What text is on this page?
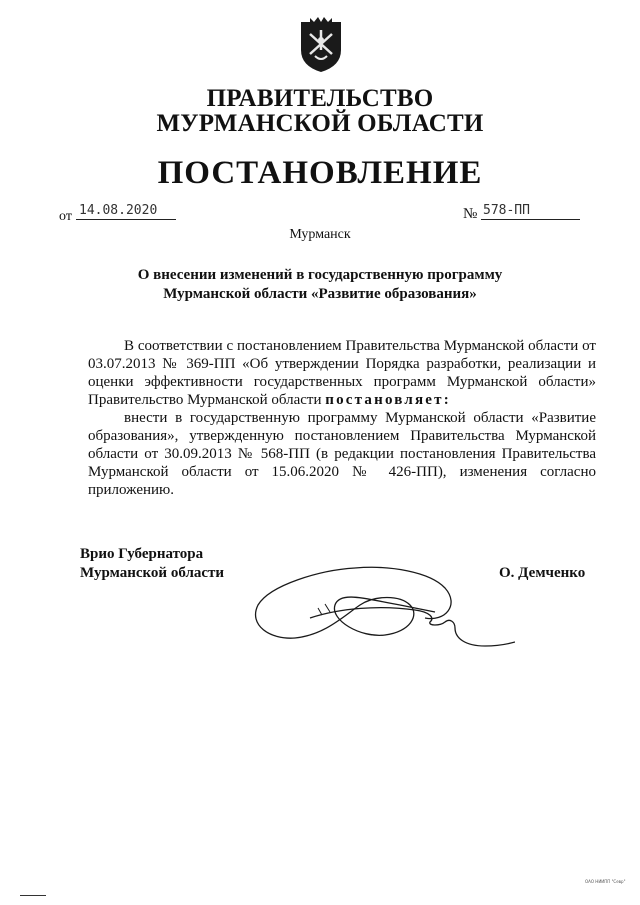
ПРАВИТЕЛЬСТВО
МУРМАНСКОЙ ОБЛАСТИ
ПОСТАНОВЛЕНИЕ
от 14.08.2020	№ 578-ПП
Мурманск
О внесении изменений в государственную программу
Мурманской области «Развитие образования»
В соответствии с постановлением Правительства Мурманской области от 03.07.2013 № 369-ПП «Об утверждении Порядка разработки, реализации и оценки эффективности государственных программ Мурманской области» Правительство Мурманской области постановляет:
внести в государственную программу Мурманской области «Развитие образования», утвержденную постановлением Правительства Мурманской области от 30.09.2013 № 568-ПП (в редакции постановления Правительства Мурманской области от 15.06.2020 № 426-ПП), изменения согласно приложению.
Врио Губернатора
Мурманской области	О. Демченко
ОАО НИИПП "Севр"
